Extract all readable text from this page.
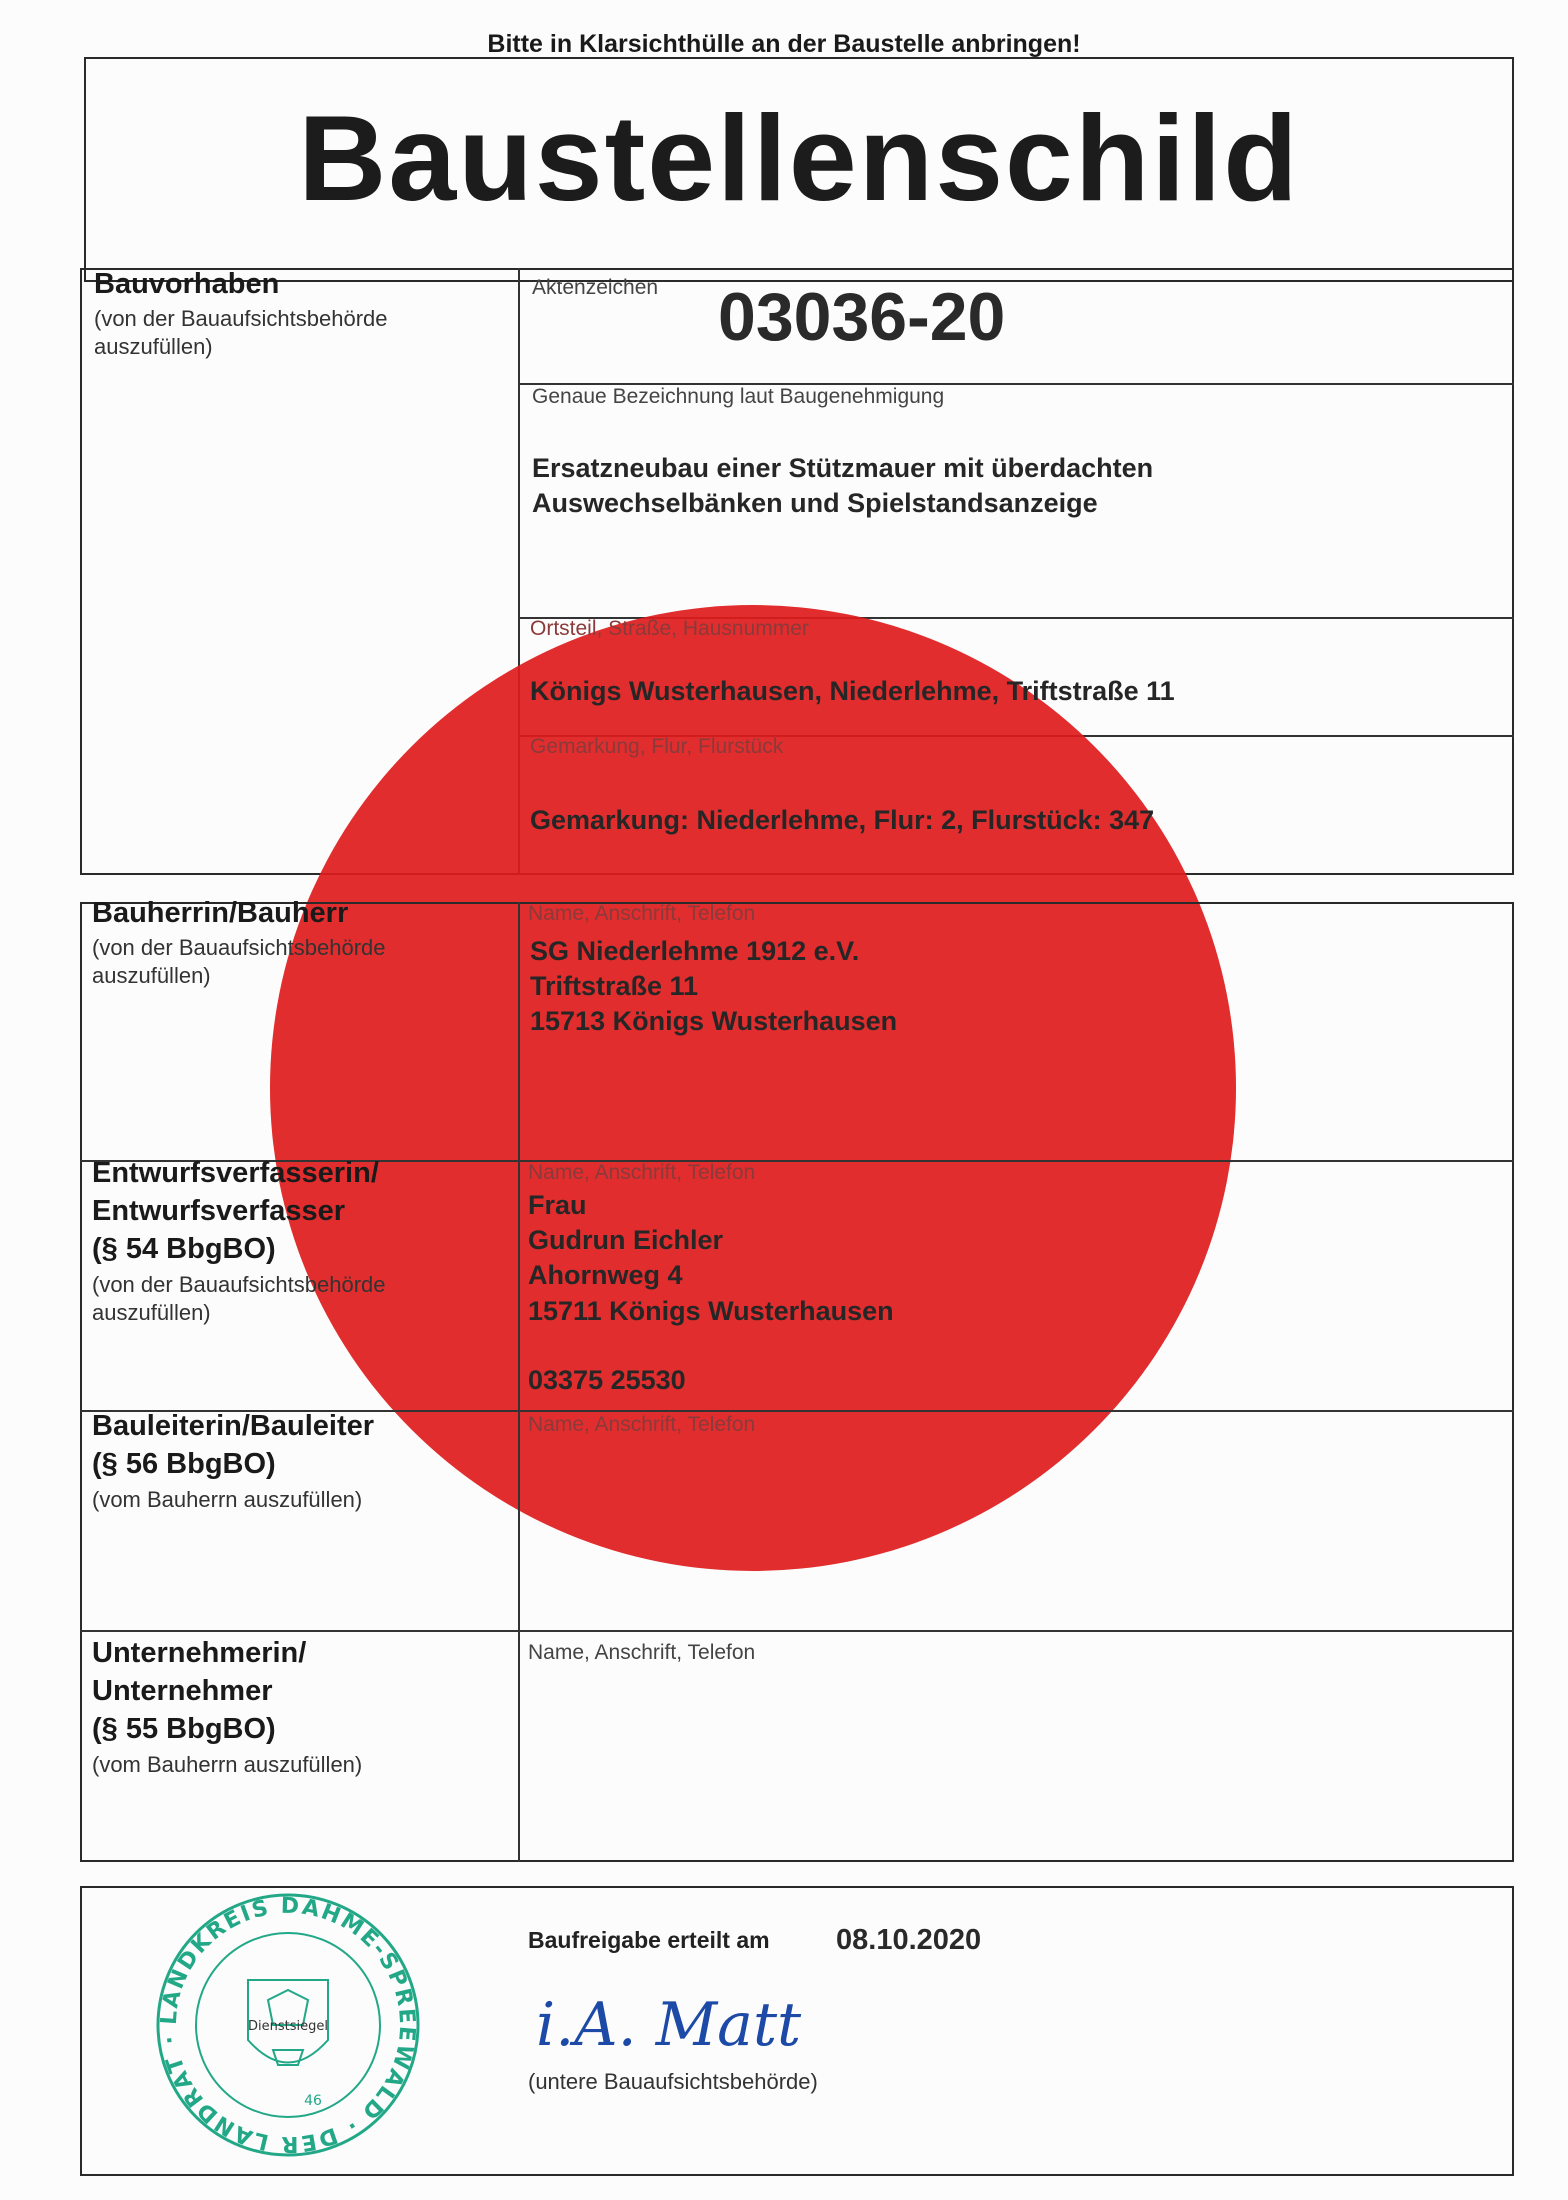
Bitte in Klarsichthülle an der Baustelle anbringen!
Baustellenschild
Bauvorhaben
(von der Bauaufsichtsbehörde auszufüllen)
Aktenzeichen 03036-20
Genaue Bezeichnung laut Baugenehmigung
Ersatzneubau einer Stützmauer mit überdachten
Auswechselbänken und Spielstandsanzeige
Ortsteil, Straße, Hausnummer
Königs Wusterhausen, Niederlehme, Triftstraße 11
Gemarkung, Flur, Flurstück
Gemarkung: Niederlehme, Flur: 2, Flurstück: 347
Bauherrin/Bauherr
(von der Bauaufsichtsbehörde auszufüllen)
Name, Anschrift, Telefon
SG Niederlehme 1912 e.V.
Triftstraße 11
15713 Königs Wusterhausen
Entwurfsverfasserin/
Entwurfsverfasser
(§ 54 BbgBO)
(von der Bauaufsichtsbehörde auszufüllen)
Name, Anschrift, Telefon
Frau
Gudrun Eichler
Ahornweg 4
15711 Königs Wusterhausen
03375 25530
Bauleiterin/Bauleiter
(§ 56 BbgBO)
(vom Bauherrn auszufüllen)
Name, Anschrift, Telefon
Unternehmerin/
Unternehmer
(§ 55 BbgBO)
(vom Bauherrn auszufüllen)
Name, Anschrift, Telefon
LANDKREIS DAHME-SPREEWALD · DER LANDRAT ·
Dienstsiegel
46
Baufreigabe erteilt am 08.10.2020
i.A. Matt
(untere Bauaufsichtsbehörde)
